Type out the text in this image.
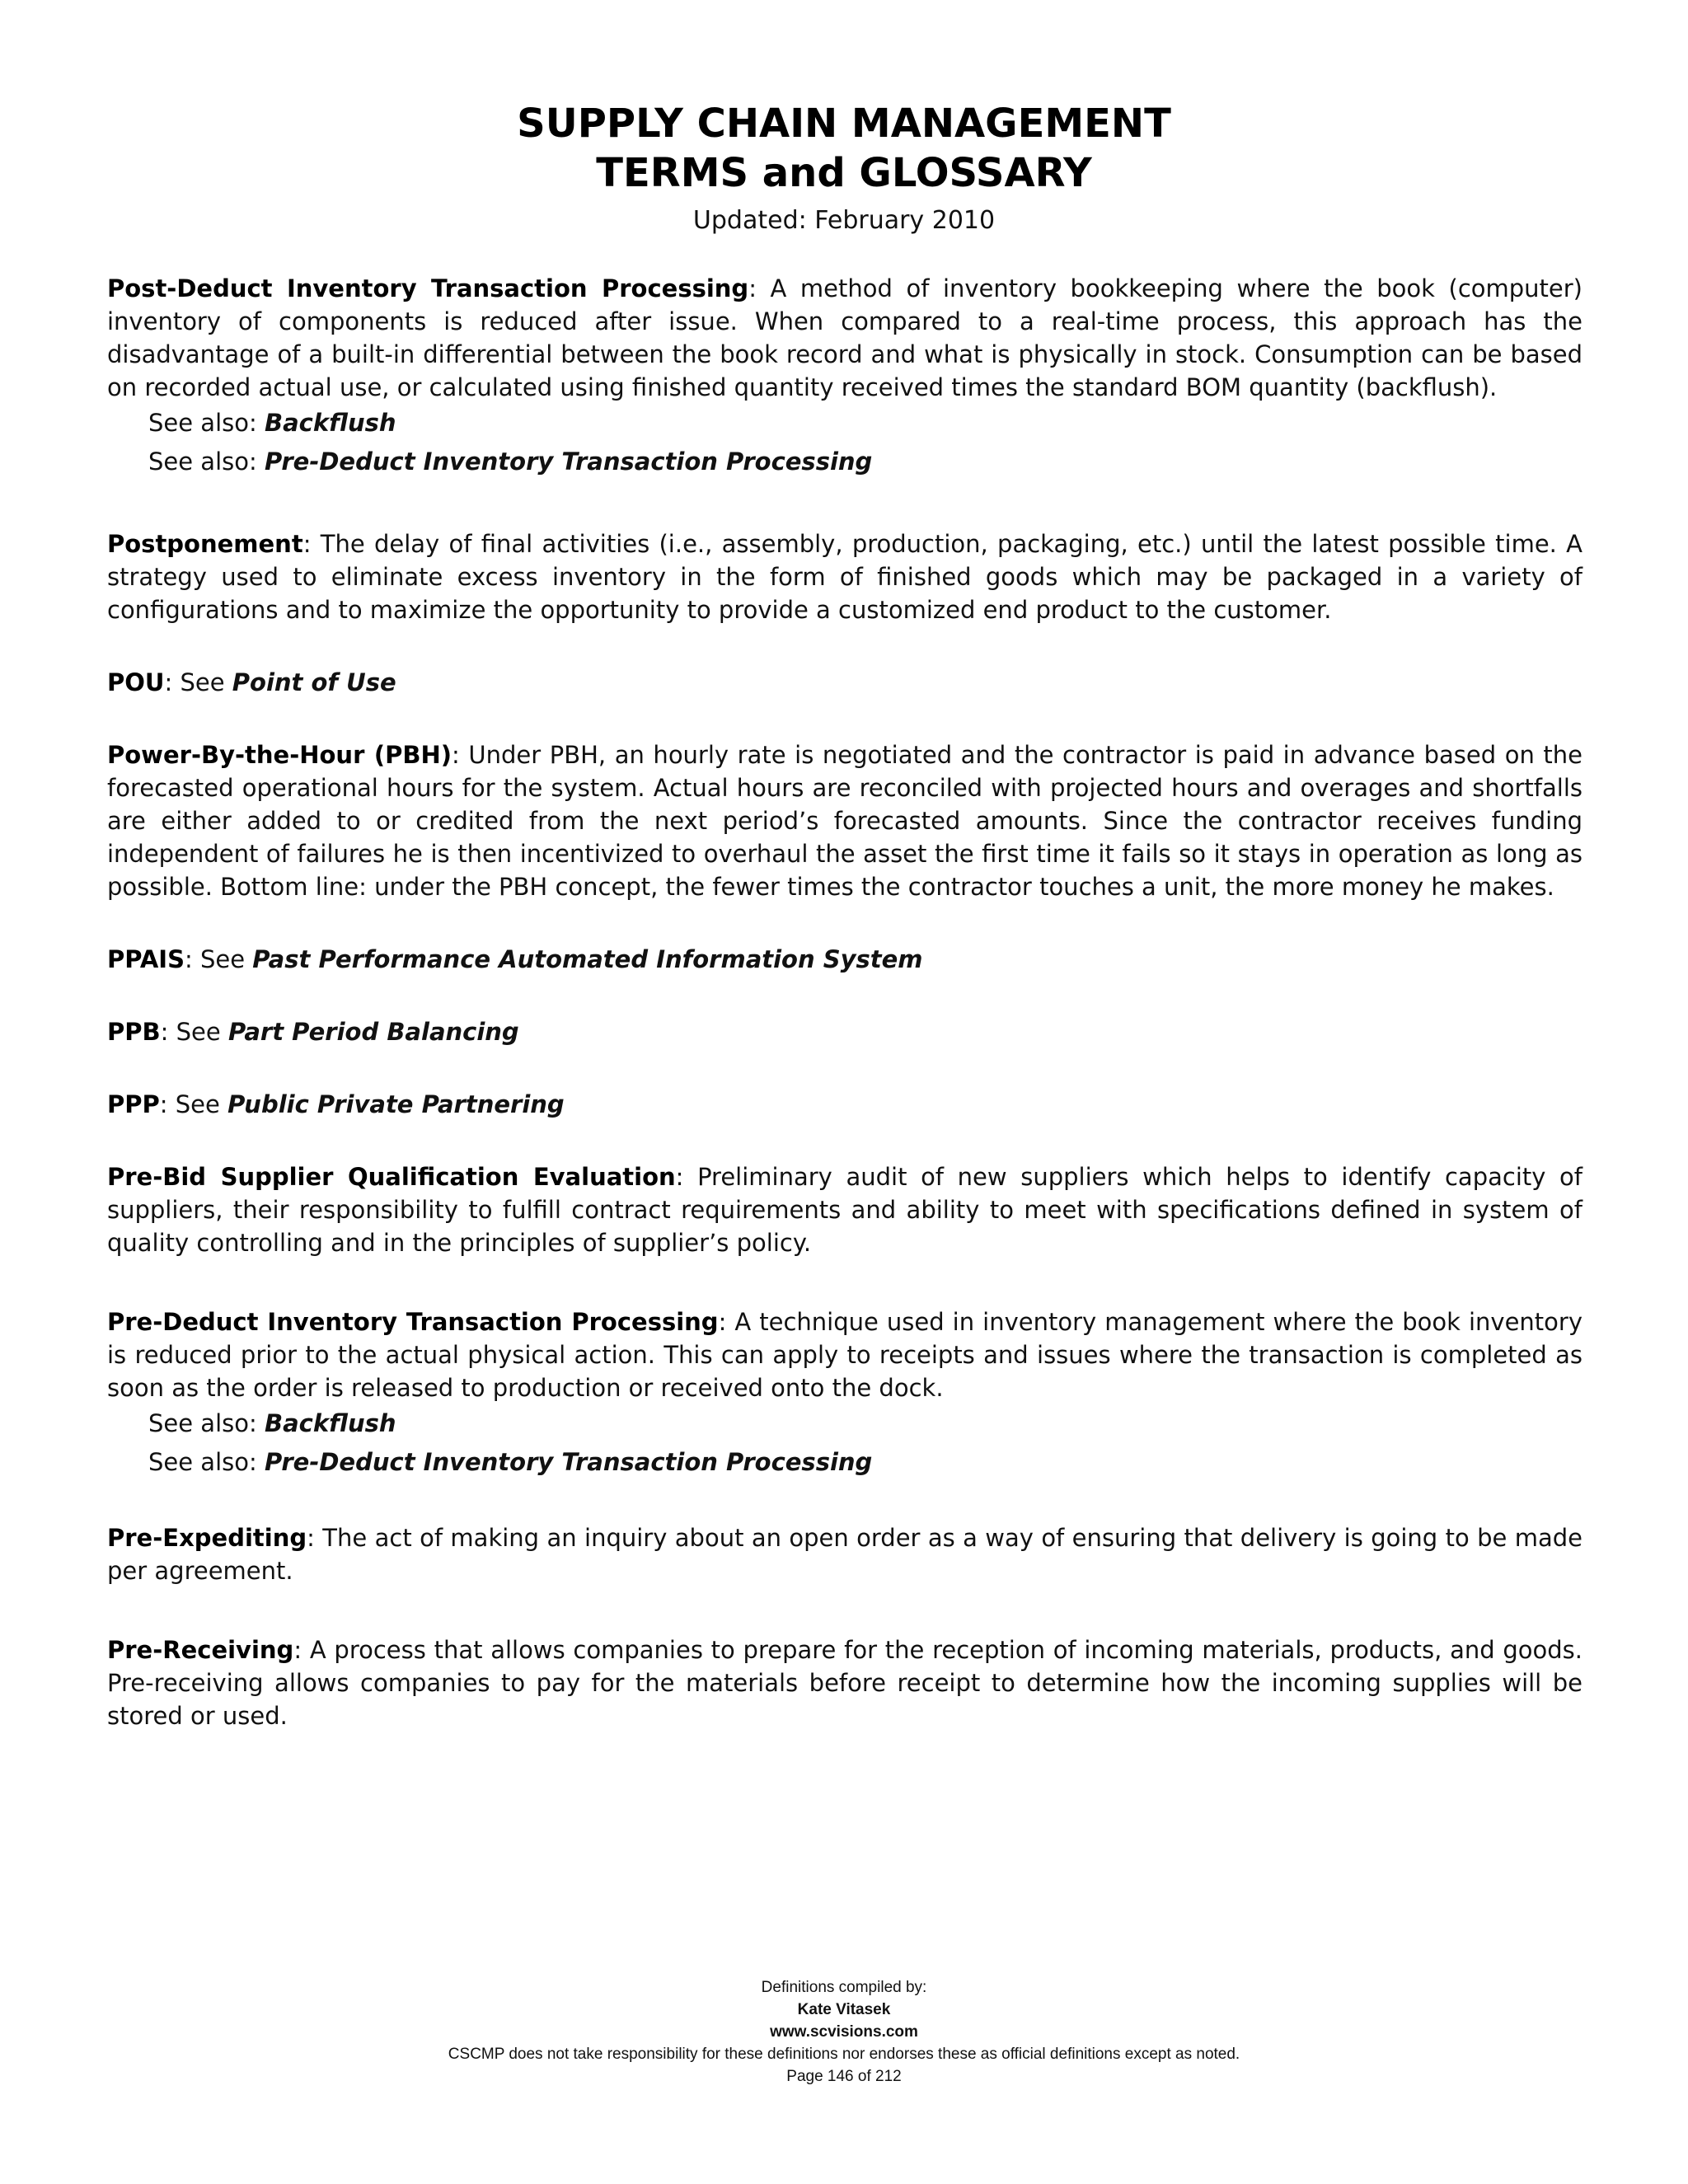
SUPPLY CHAIN MANAGEMENT
TERMS and GLOSSARY
Updated: February 2010
Post-Deduct Inventory Transaction Processing: A method of inventory bookkeeping where the book (computer) inventory of components is reduced after issue. When compared to a real-time process, this approach has the disadvantage of a built-in differential between the book record and what is physically in stock. Consumption can be based on recorded actual use, or calculated using finished quantity received times the standard BOM quantity (backflush).
See also: Backflush
See also: Pre-Deduct Inventory Transaction Processing
Postponement: The delay of final activities (i.e., assembly, production, packaging, etc.) until the latest possible time. A strategy used to eliminate excess inventory in the form of finished goods which may be packaged in a variety of configurations and to maximize the opportunity to provide a customized end product to the customer.
POU: See Point of Use
Power-By-the-Hour (PBH): Under PBH, an hourly rate is negotiated and the contractor is paid in advance based on the forecasted operational hours for the system. Actual hours are reconciled with projected hours and overages and shortfalls are either added to or credited from the next period’s forecasted amounts. Since the contractor receives funding independent of failures he is then incentivized to overhaul the asset the first time it fails so it stays in operation as long as possible. Bottom line: under the PBH concept, the fewer times the contractor touches a unit, the more money he makes.
PPAIS: See Past Performance Automated Information System
PPB: See Part Period Balancing
PPP: See Public Private Partnering
Pre-Bid Supplier Qualification Evaluation: Preliminary audit of new suppliers which helps to identify capacity of suppliers, their responsibility to fulfill contract requirements and ability to meet with specifications defined in system of quality controlling and in the principles of supplier’s policy.
Pre-Deduct Inventory Transaction Processing: A technique used in inventory management where the book inventory is reduced prior to the actual physical action. This can apply to receipts and issues where the transaction is completed as soon as the order is released to production or received onto the dock.
See also: Backflush
See also: Pre-Deduct Inventory Transaction Processing
Pre-Expediting: The act of making an inquiry about an open order as a way of ensuring that delivery is going to be made per agreement.
Pre-Receiving: A process that allows companies to prepare for the reception of incoming materials, products, and goods. Pre-receiving allows companies to pay for the materials before receipt to determine how the incoming supplies will be stored or used.
Definitions compiled by:
Kate Vitasek
www.scvisions.com
CSCMP does not take responsibility for these definitions nor endorses these as official definitions except as noted.
Page 146 of 212
